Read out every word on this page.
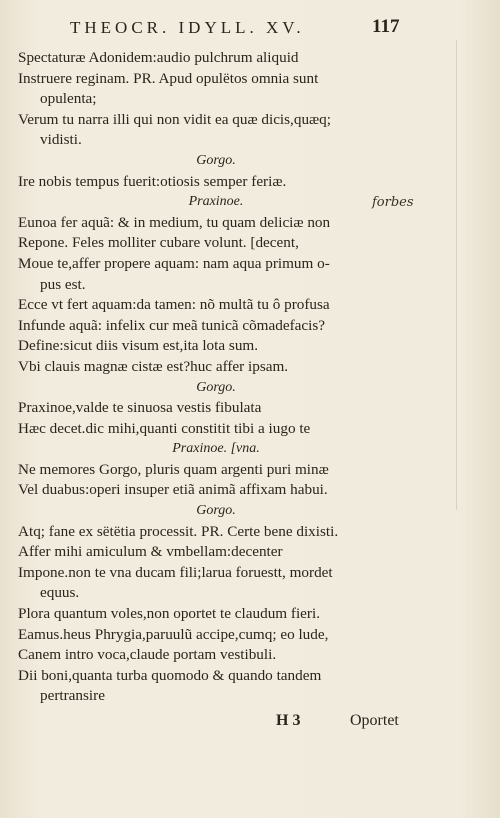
THEOCR. IDYLL. XV.	117
Spectaturæ Adonidem:audio pulchrum aliquid
Instruere reginam. PR. Apud opulëtos omnia sunt
opulenta;
Verum tu narra illi qui non vidit ea quæ dicis,quæq;
vidisti.
Gorgo.
Ire nobis tempus fuerit:otiosis semper feriæ.
Praxinoe.
Eunoa fer aquã: & in medium, tu quam deliciæ non
Repone. Feles molliter cubare volunt. [decent,
Moue te,affer propere aquam: nam aqua primum o-
pus est.
Ecce vt fert aquam:da tamen: nõ multã tu ô profusa
Infunde aquã: infelix cur meã tunicã cõmadefacis?
Define:sicut diis visum est,ita lota sum.
Vbi clauis magnæ cistæ est?huc affer ipsam.
Gorgo.
Praxinoe,valde te sinuosa vestis fibulata
Hæc decet.dic mihi,quanti constitit tibi a iugo te
Praxinoe. [vna.
Ne memores Gorgo, pluris quam argenti puri minæ
Vel duabus:operi insuper etiã animã affixam habui.
Gorgo.
Atq; fane ex sëtëtia processit. PR. Certe bene dixisti.
Affer mihi amiculum & vmbellam:decenter
Impone.non te vna ducam fili;larua foruestt, mordet
equus.
Plora quantum voles,non oportet te claudum fieri.
Eamus.heus Phrygia,paruulũ accipe,cumq; eo lude,
Canem intro voca,claude portam vestibuli.
Dii boni,quanta turba quomodo & quando tandem
pertransire
forbes
H 3	Oportet
